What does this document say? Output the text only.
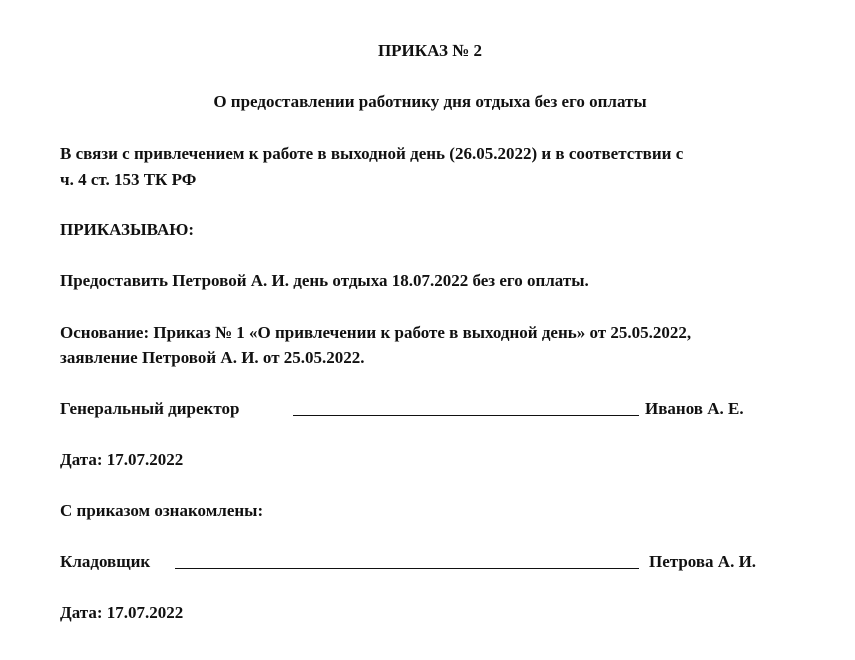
ПРИКАЗ № 2
О предоставлении работнику дня отдыха без его оплаты
В связи с привлечением к работе в выходной день (26.05.2022) и в соответствии с
ч. 4 ст. 153 ТК РФ
ПРИКАЗЫВАЮ:
Предоставить Петровой А. И. день отдыха 18.07.2022 без его оплаты.
Основание: Приказ № 1 «О привлечении к работе в выходной день» от 25.05.2022,
заявление Петровой А. И. от 25.05.2022.
Генеральный директор	Иванов А. Е.
Дата: 17.07.2022
С приказом ознакомлены:
Кладовщик	Петрова А. И.
Дата: 17.07.2022
